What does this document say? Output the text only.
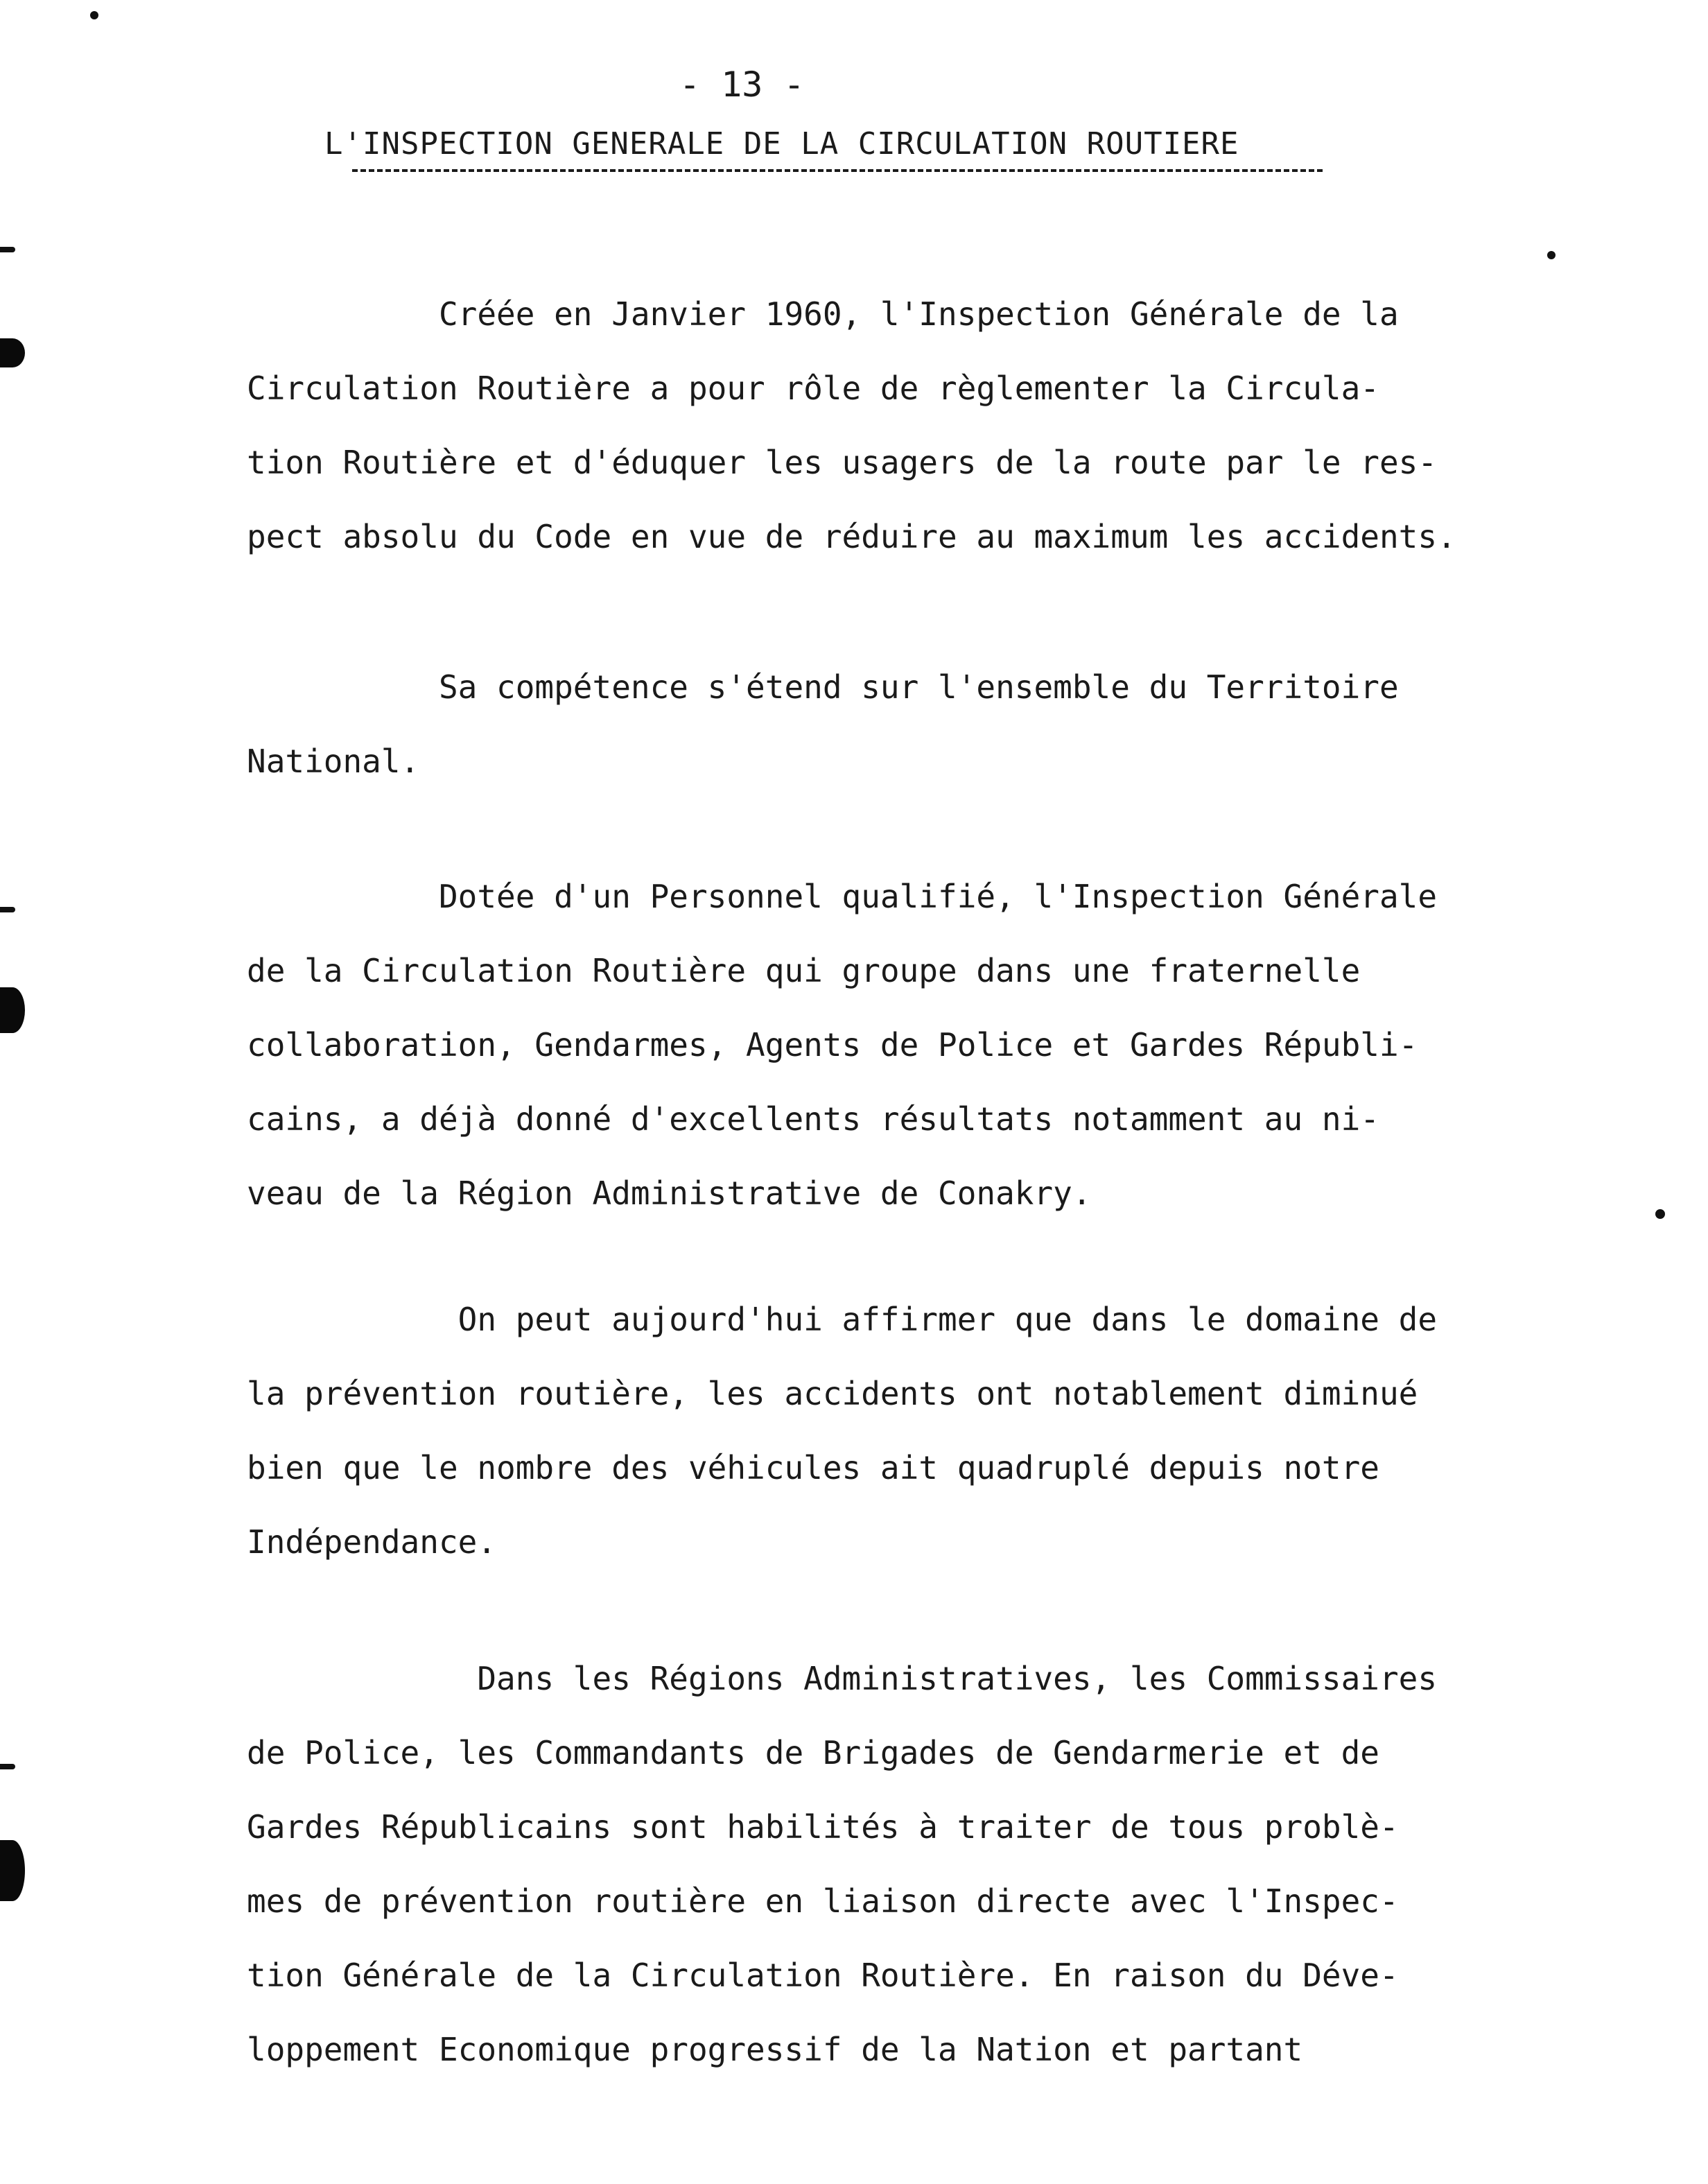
- 13 -
L'INSPECTION GENERALE DE LA CIRCULATION ROUTIERE

Créée en Janvier 1960, l'Inspection Générale de la
Circulation Routière a pour rôle de règlementer la Circula-
tion Routière et d'éduquer les usagers de la route par le res-
pect absolu du Code en vue de réduire au maximum les accidents.

Sa compétence s'étend sur l'ensemble du Territoire
National.

Dotée d'un Personnel qualifié, l'Inspection Générale
de la Circulation Routière qui groupe dans une fraternelle
collaboration, Gendarmes, Agents de Police et Gardes Républi-
cains, a déjà donné d'excellents résultats notamment au ni-
veau de la Région Administrative de Conakry.

On peut aujourd'hui affirmer que dans le domaine de
la prévention routière, les accidents ont notablement diminué
bien que le nombre des véhicules ait quadruplé depuis notre
Indépendance.

Dans les Régions Administratives, les Commissaires
de Police, les Commandants de Brigades de Gendarmerie et de
Gardes Républicains sont habilités à traiter de tous problè-
mes de prévention routière en liaison directe avec l'Inspec-
tion Générale de la Circulation Routière. En raison du Déve-
loppement Economique progressif de la Nation et partant
